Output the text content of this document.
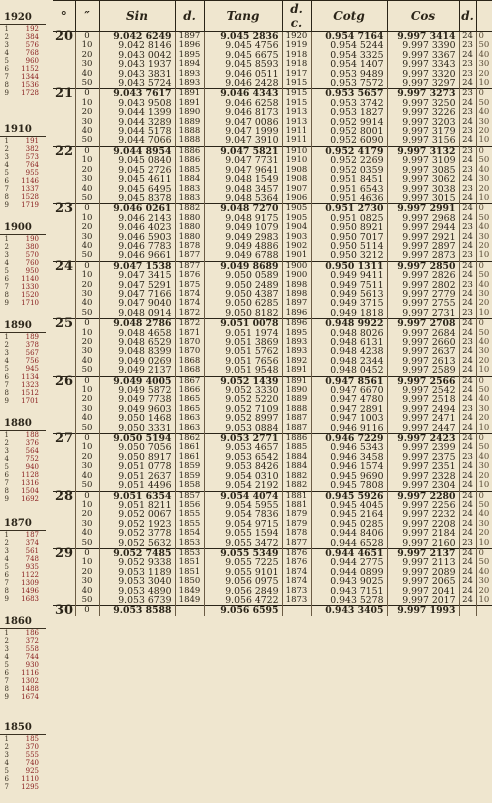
1920
1 192
2 384
3 576
4 768
5 960
6 1152
7 1344
8 1536
9 1728
1910
1 191
2 382
3 573
4 764
5 955
6 1146
7 1337
8 1528
9 1719
1900
1 190
2 380
3 570
4 760
5 950
6 1140
7 1330
8 1520
9 1710
1890
1 189
2 378
3 567
4 756
5 945
6 1134
7 1323
8 1512
9 1701
1880
1 188
2 376
3 564
4 752
5 940
6 1128
7 1316
8 1504
9 1692
1870
1 187
2 374
3 561
4 748
5 935
6 1122
7 1309
8 1496
9 1683
1860
1 186
2 372
3 558
4 744
5 930
6 1116
7 1302
8 1488
9 1674
1850
1 185
2 370
3 555
4 740
5 925
6 1110
7 1295
°	″	Sin	d.	Tang	d. c.	Cotg	Cos	d.	
20	0	9.042 6249	1897	9.045 2836	1920	0.954 7164	9.997 3414	24	0
	10	9.042 8146	1896	9.045 4756	1919	0.954 5244	9.997 3390	23	50
	20	9.043 0042	1895	9.045 6675	1918	0.954 3325	9.997 3367	24	40
	30	9.043 1937	1894	9.045 8593	1918	0.954 1407	9.997 3343	23	30
	40	9.043 3831	1893	9.046 0511	1917	0.953 9489	9.997 3320	23	20
	50	9.043 5724	1893	9.046 2428	1915	0.953 7572	9.997 3297	24	10
21	0	9.043 7617	1891	9.046 4343	1915	0.953 5657	9.997 3273	23	0
	10	9.043 9508	1891	9.046 6258	1915	0.953 3742	9.997 3250	24	50
	20	9.044 1399	1890	9.046 8173	1913	0.953 1827	9.997 3226	23	40
	30	9.044 3289	1889	9.047 0086	1913	0.952 9914	9.997 3203	24	30
	40	9.044 5178	1888	9.047 1999	1911	0.952 8001	9.997 3179	23	20
	50	9.044 7066	1888	9.047 3910	1911	0.952 6090	9.997 3156	24	10
22	0	9.044 8954	1886	9.047 5821	1910	0.952 4179	9.997 3132	23	0
	10	9.045 0840	1886	9.047 7731	1910	0.952 2269	9.997 3109	24	50
	20	9.045 2726	1885	9.047 9641	1908	0.952 0359	9.997 3085	23	40
	30	9.045 4611	1884	9.048 1549	1908	0.951 8451	9.997 3062	24	30
	40	9.045 6495	1883	9.048 3457	1907	0.951 6543	9.997 3038	23	20
	50	9.045 8378	1883	9.048 5364	1906	0.951 4636	9.997 3015	24	10
23	0	9.046 0261	1882	9.048 7270	1905	0.951 2730	9.997 2991	24	0
	10	9.046 2143	1880	9.048 9175	1905	0.951 0825	9.997 2968	24	50
	20	9.046 4023	1880	9.049 1079	1904	0.950 8921	9.997 2944	23	40
	30	9.046 5903	1880	9.049 2983	1903	0.950 7017	9.997 2921	24	30
	40	9.046 7783	1878	9.049 4886	1902	0.950 5114	9.997 2897	24	20
	50	9.046 9661	1877	9.049 6788	1901	0.950 3212	9.997 2873	23	10
24	0	9.047 1538	1877	9.049 8689	1900	0.950 1311	9.997 2850	24	0
	10	9.047 3415	1876	9.050 0589	1900	0.949 9411	9.997 2826	24	50
	20	9.047 5291	1875	9.050 2489	1898	0.949 7511	9.997 2802	23	40
	30	9.047 7166	1874	9.050 4387	1898	0.949 5613	9.997 2779	24	30
	40	9.047 9040	1874	9.050 6285	1897	0.949 3715	9.997 2755	24	20
	50	9.048 0914	1872	9.050 8182	1896	0.949 1818	9.997 2731	23	10
25	0	9.048 2786	1872	9.051 0078	1896	0.948 9922	9.997 2708	24	0
	10	9.048 4658	1871	9.051 1974	1895	0.948 8026	9.997 2684	24	50
	20	9.048 6529	1870	9.051 3869	1893	0.948 6131	9.997 2660	23	40
	30	9.048 8399	1870	9.051 5762	1893	0.948 4238	9.997 2637	24	30
	40	9.049 0269	1868	9.051 7656	1892	0.948 2344	9.997 2613	24	20
	50	9.049 2137	1868	9.051 9548	1891	0.948 0452	9.997 2589	24	10
26	0	9.049 4005	1867	9.052 1439	1891	0.947 8561	9.997 2566	24	0
	10	9.049 5872	1866	9.052 3330	1890	0.947 6670	9.997 2542	24	50
	20	9.049 7738	1865	9.052 5220	1889	0.947 4780	9.997 2518	24	40
	30	9.049 9603	1865	9.052 7109	1888	0.947 2891	9.997 2494	23	30
	40	9.050 1468	1863	9.052 8997	1887	0.947 1003	9.997 2471	24	20
	50	9.050 3331	1863	9.053 0884	1887	0.946 9116	9.997 2447	24	10
27	0	9.050 5194	1862	9.053 2771	1886	0.946 7229	9.997 2423	24	0
	10	9.050 7056	1861	9.053 4657	1885	0.946 5343	9.997 2399	24	50
	20	9.050 8917	1861	9.053 6542	1884	0.946 3458	9.997 2375	23	40
	30	9.051 0778	1859	9.053 8426	1884	0.946 1574	9.997 2351	24	30
	40	9.051 2637	1859	9.054 0310	1882	0.945 9690	9.997 2328	24	20
	50	9.051 4496	1858	9.054 2192	1882	0.945 7808	9.997 2304	24	10
28	0	9.051 6354	1857	9.054 4074	1881	0.945 5926	9.997 2280	24	0
	10	9.051 8211	1856	9.054 5955	1881	0.945 4045	9.997 2256	24	50
	20	9.052 0067	1855	9.054 7836	1879	0.945 2164	9.997 2232	24	40
	30	9.052 1923	1855	9.054 9715	1879	0.945 0285	9.997 2208	24	30
	40	9.052 3778	1854	9.055 1594	1878	0.944 8406	9.997 2184	24	20
	50	9.052 5632	1853	9.055 3472	1877	0.944 6528	9.997 2160	23	10
29	0	9.052 7485	1853	9.055 5349	1876	0.944 4651	9.997 2137	24	0
	10	9.052 9338	1851	9.055 7225	1876	0.944 2775	9.997 2113	24	50
	20	9.053 1189	1851	9.055 9101	1874	0.944 0899	9.997 2089	24	40
	30	9.053 3040	1850	9.056 0975	1874	0.943 9025	9.997 2065	24	30
	40	9.053 4890	1849	9.056 2849	1873	0.943 7151	9.997 2041	24	20
	50	9.053 6739	1849	9.056 4722	1873	0.943 5278	9.997 2017	24	10
30	0	9.053 8588		9.056 6595		0.943 3405	9.997 1993		
